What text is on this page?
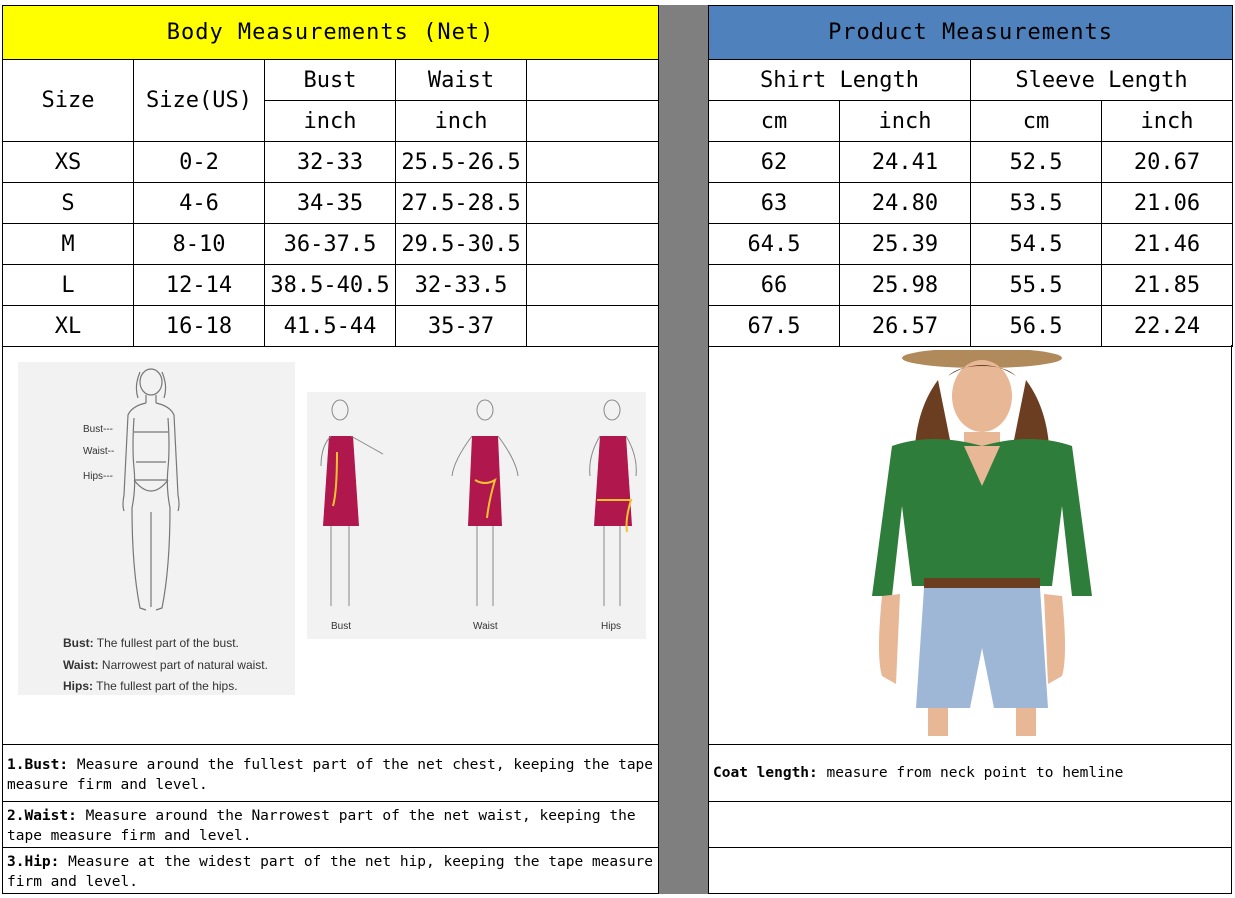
Body Measurements (Net)				
Size	Size(US)	Bust	Waist	
		inch	inch	
XS	0-2	32-33	25.5-26.5	
S	4-6	34-35	27.5-28.5	
M	8-10	36-37.5	29.5-30.5	
L	12-14	38.5-40.5	32-33.5	
XL	16-18	41.5-44	35-37	
Product Measurements			
Shirt Length		Sleeve Length	
cm	inch	cm	inch
62	24.41	52.5	20.67
63	24.80	53.5	21.06
64.5	25.39	54.5	21.46
66	25.98	55.5	21.85
67.5	26.57	56.5	22.24
Bust---
Waist--
Hips---
Bust: The fullest part of the bust.
Waist: Narrowest part of natural waist.
Hips: The fullest part of the hips.
Bust	Waist	Hips
1.Bust: Measure around the fullest part of the net chest, keeping the tape measure firm and level.
2.Waist: Measure around the Narrowest part of the net waist, keeping the tape measure firm and level.
3.Hip: Measure at the widest part of the net hip, keeping the tape measure firm and level.
Coat length: measure from neck point to hemline
